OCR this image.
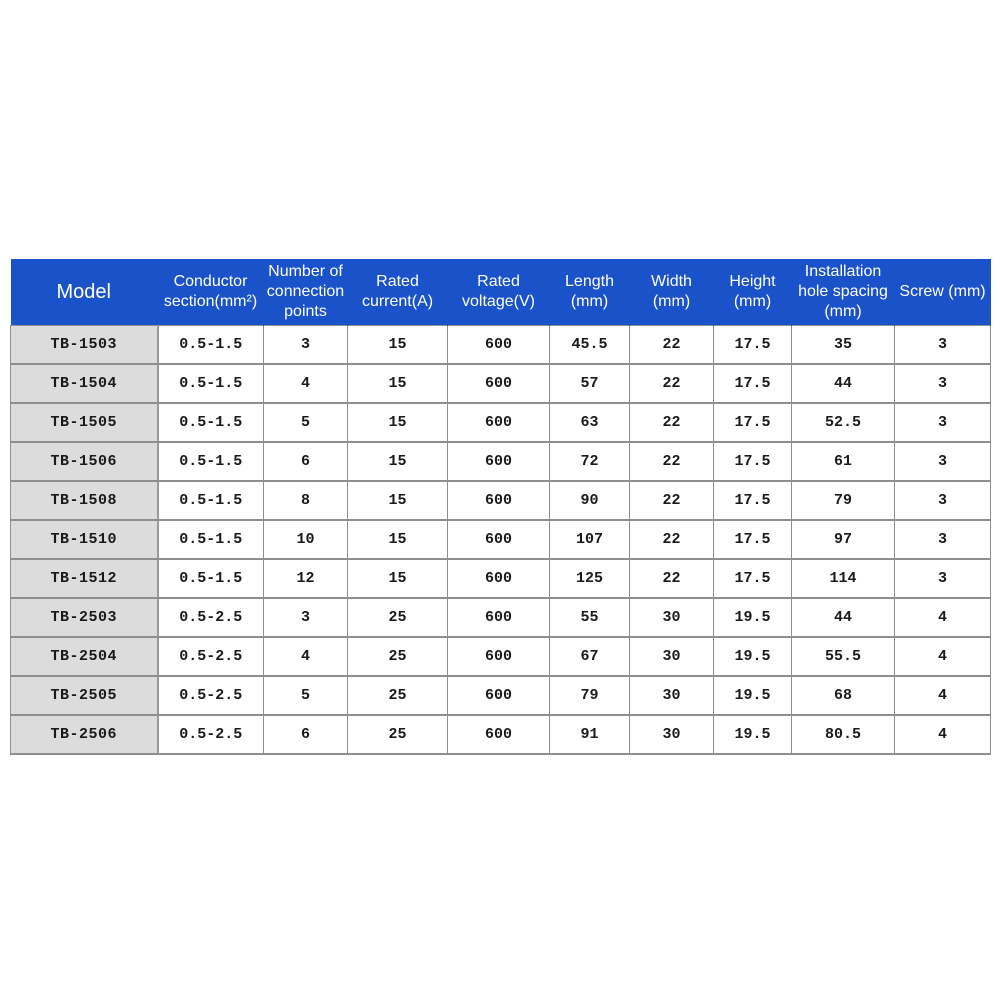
Model	Conductor section(mm²)	Number of connection points	Rated current(A)	Rated voltage(V)	Length (mm)	Width (mm)	Height (mm)	Installation hole spacing (mm)	Screw (mm)
TB-1503	0.5-1.5	3	15	600	45.5	22	17.5	35	3
TB-1504	0.5-1.5	4	15	600	57	22	17.5	44	3
TB-1505	0.5-1.5	5	15	600	63	22	17.5	52.5	3
TB-1506	0.5-1.5	6	15	600	72	22	17.5	61	3
TB-1508	0.5-1.5	8	15	600	90	22	17.5	79	3
TB-1510	0.5-1.5	10	15	600	107	22	17.5	97	3
TB-1512	0.5-1.5	12	15	600	125	22	17.5	114	3
TB-2503	0.5-2.5	3	25	600	55	30	19.5	44	4
TB-2504	0.5-2.5	4	25	600	67	30	19.5	55.5	4
TB-2505	0.5-2.5	5	25	600	79	30	19.5	68	4
TB-2506	0.5-2.5	6	25	600	91	30	19.5	80.5	4
